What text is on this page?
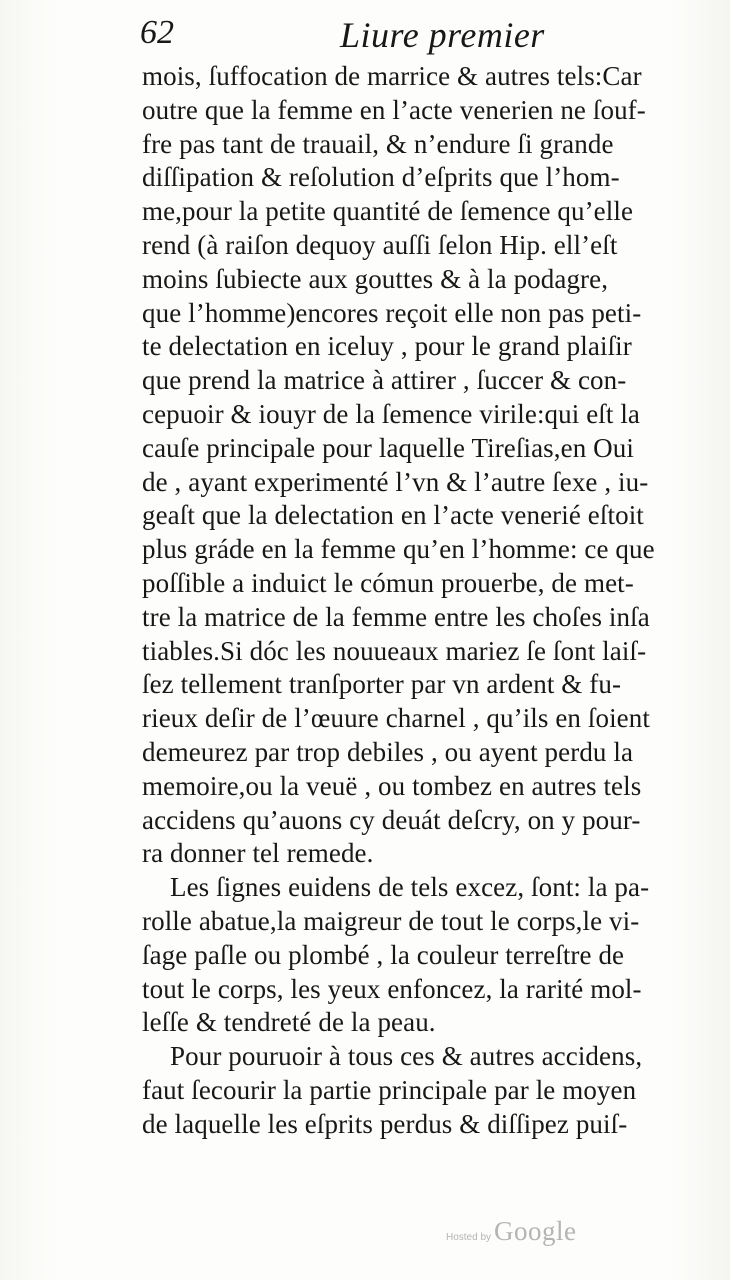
62	Liure premier
mois, ſuffocation de marrice & autres tels:Car
outre que la femme en l’acte venerien ne ſouf-
fre pas tant de trauail, & n’endure ſi grande
diſſipation & reſolution d’eſprits que l’hom-
me,pour la petite quantité de ſemence qu’elle
rend (à raiſon dequoy auſſi ſelon Hip. ell’eſt
moins ſubiecte aux gouttes & à la podagre,
que l’homme)encores reçoit elle non pas peti-
te delectation en iceluy , pour le grand plaiſir
que prend la matrice à attirer , ſuccer & con-
cepuoir & iouyr de la ſemence virile:qui eſt la
cauſe principale pour laquelle Tireſias,en Oui
de , ayant experimenté l’vn & l’autre ſexe , iu-
geaſt que la delectation en l’acte venerié eſtoit
plus gráde en la femme qu’en l’homme: ce que
poſſible a induict le cómun prouerbe, de met-
tre la matrice de la femme entre les choſes inſa
tiables.Si dóc les nouueaux mariez ſe ſont laiſ-
ſez tellement tranſporter par vn ardent & fu-
rieux deſir de l’œuure charnel , qu’ils en ſoient
demeurez par trop debiles , ou ayent perdu la
memoire,ou la veuë , ou tombez en autres tels
accidens qu’auons cy deuát deſcry, on y pour-
ra donner tel remede.
Les ſignes euidens de tels excez, ſont: la pa-
rolle abatue,la maigreur de tout le corps,le vi-
ſage paſle ou plombé , la couleur terreſtre de
tout le corps, les yeux enfoncez, la rarité mol-
leſſe & tendreté de la peau.
Pour pouruoir à tous ces & autres accidens,
faut ſecourir la partie principale par le moyen
de laquelle les eſprits perdus & diſſipez puiſ-
Hosted by Google
